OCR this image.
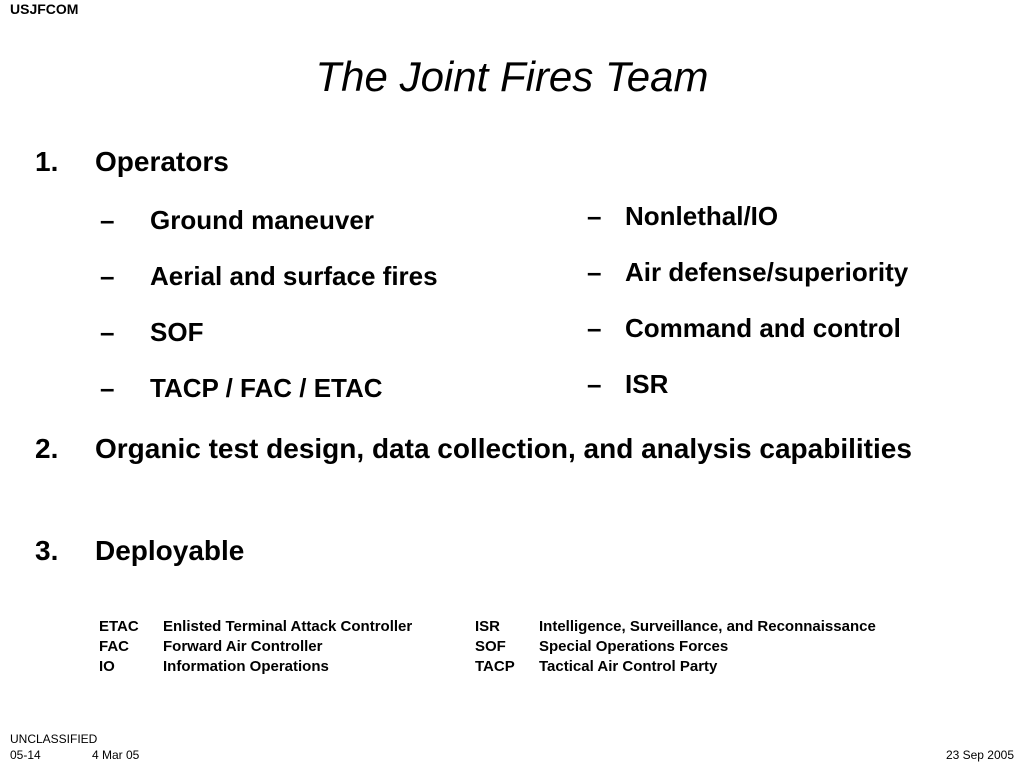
USJFCOM
The Joint Fires Team
1. Operators
– Ground maneuver
– Aerial and surface fires
– SOF
– TACP / FAC / ETAC
– Nonlethal/IO
– Air defense/superiority
– Command and control
– ISR
2. Organic test design, data collection, and analysis capabilities
3. Deployable
ETAC	Enlisted Terminal Attack Controller	ISR	Intelligence, Surveillance, and Reconnaissance
FAC	Forward Air Controller	SOF	Special Operations Forces
IO	Information Operations	TACP	Tactical Air Control Party
UNCLASSIFIED
05-14	4 Mar 05	23 Sep 2005
